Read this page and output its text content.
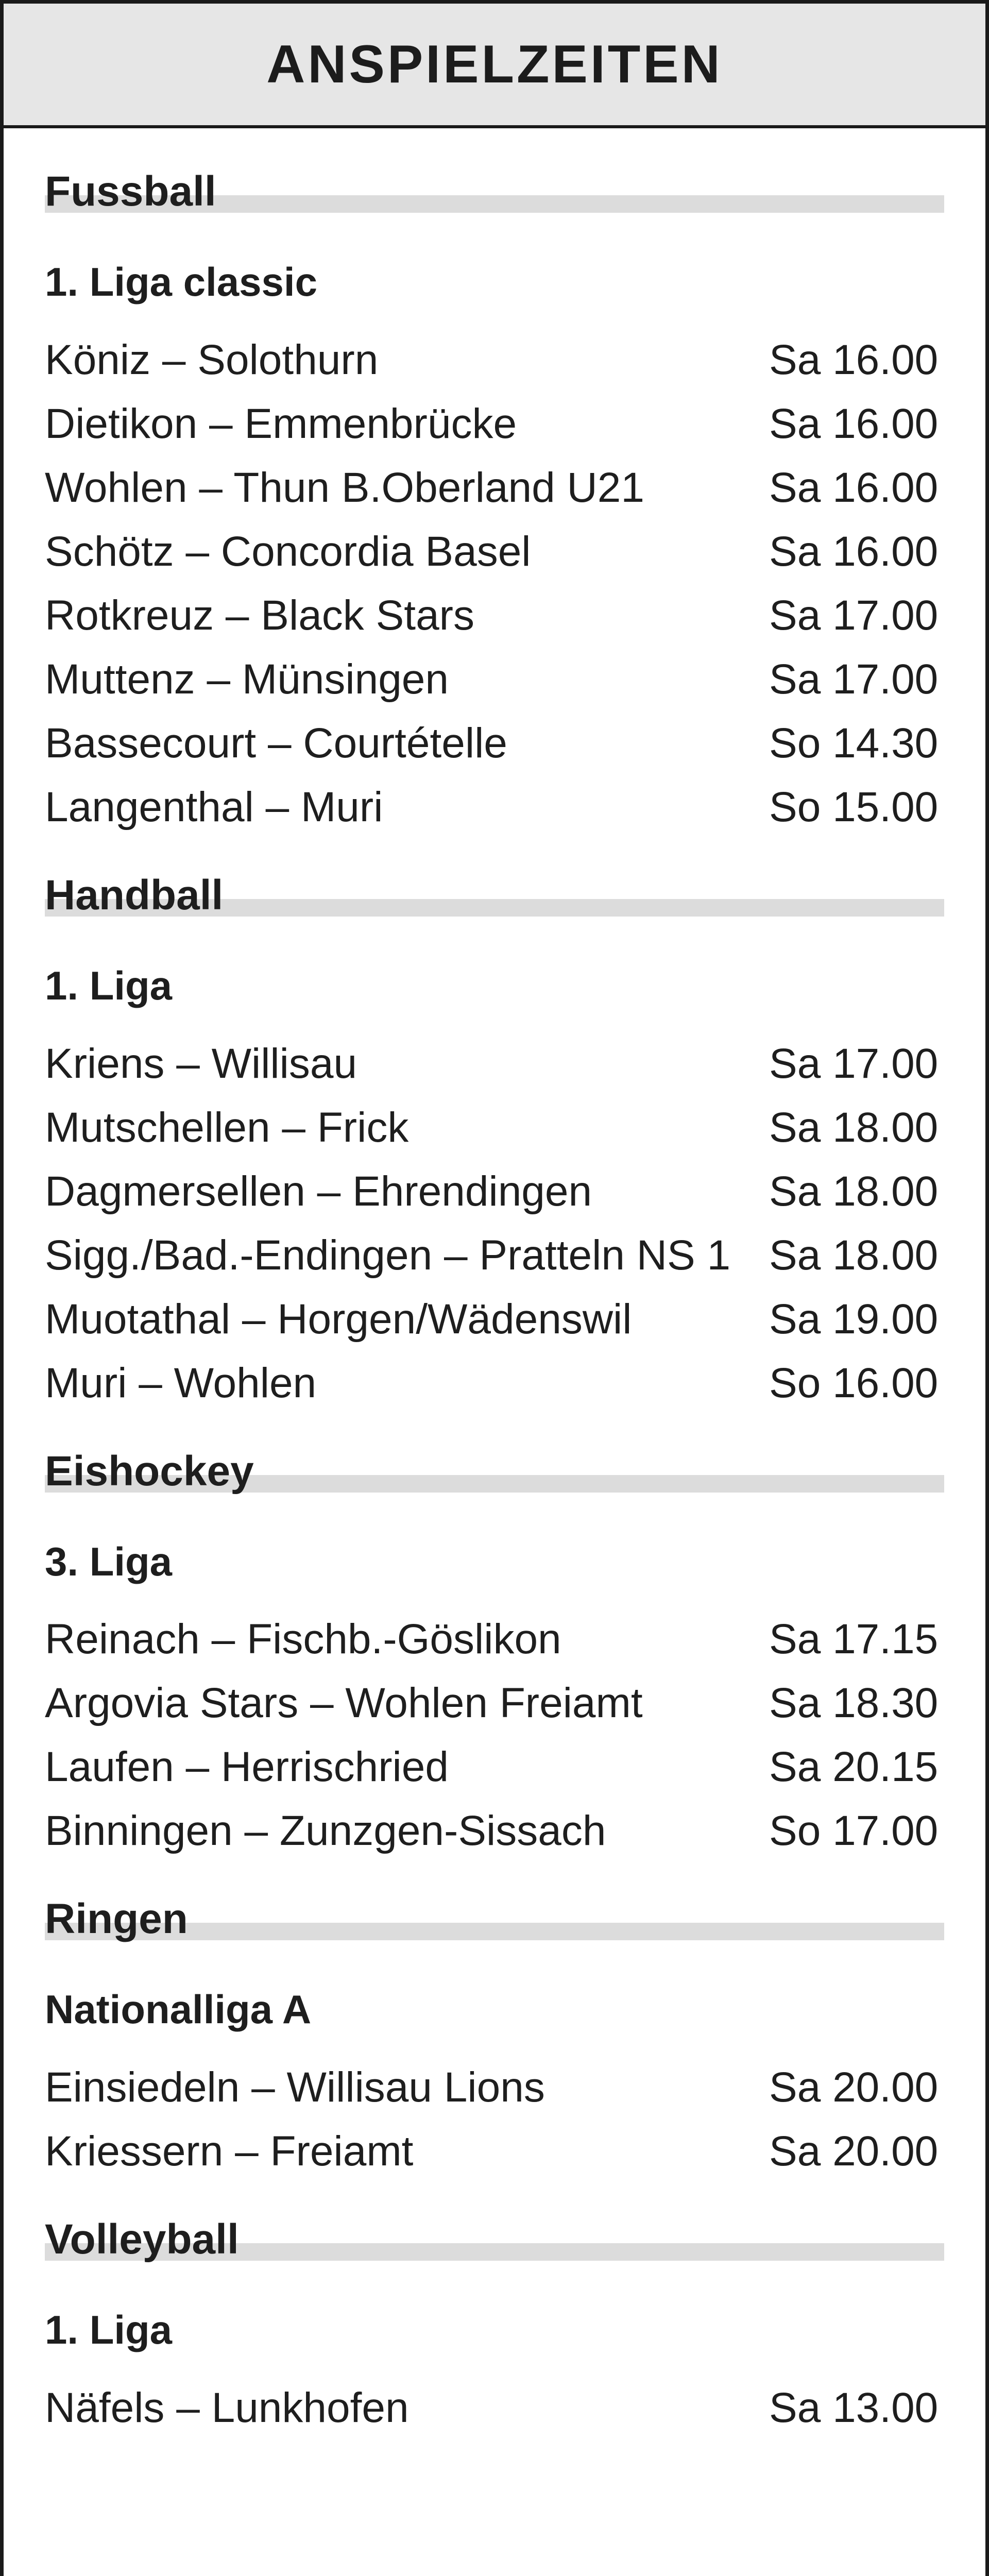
ANSPIELZEITEN
Fussball
1. Liga classic
Köniz – Solothurn	Sa 16.00
Dietikon – Emmenbrücke	Sa 16.00
Wohlen – Thun B.Oberland U21	Sa 16.00
Schötz – Concordia Basel	Sa 16.00
Rotkreuz – Black Stars	Sa 17.00
Muttenz – Münsingen	Sa 17.00
Bassecourt – Courtételle	So 14.30
Langenthal – Muri	So 15.00
Handball
1. Liga
Kriens – Willisau	Sa 17.00
Mutschellen – Frick	Sa 18.00
Dagmersellen – Ehrendingen	Sa 18.00
Sigg./Bad.-Endingen – Pratteln NS 1 Sa 18.00
Muotathal – Horgen/Wädenswil	Sa 19.00
Muri – Wohlen	So 16.00
Eishockey
3. Liga
Reinach – Fischb.-Göslikon	Sa 17.15
Argovia Stars – Wohlen Freiamt	Sa 18.30
Laufen – Herrischried	Sa 20.15
Binningen – Zunzgen-Sissach	So 17.00
Ringen
Nationalliga A
Einsiedeln – Willisau Lions	Sa 20.00
Kriessern – Freiamt	Sa 20.00
Volleyball
1. Liga
Näfels – Lunkhofen	Sa 13.00
